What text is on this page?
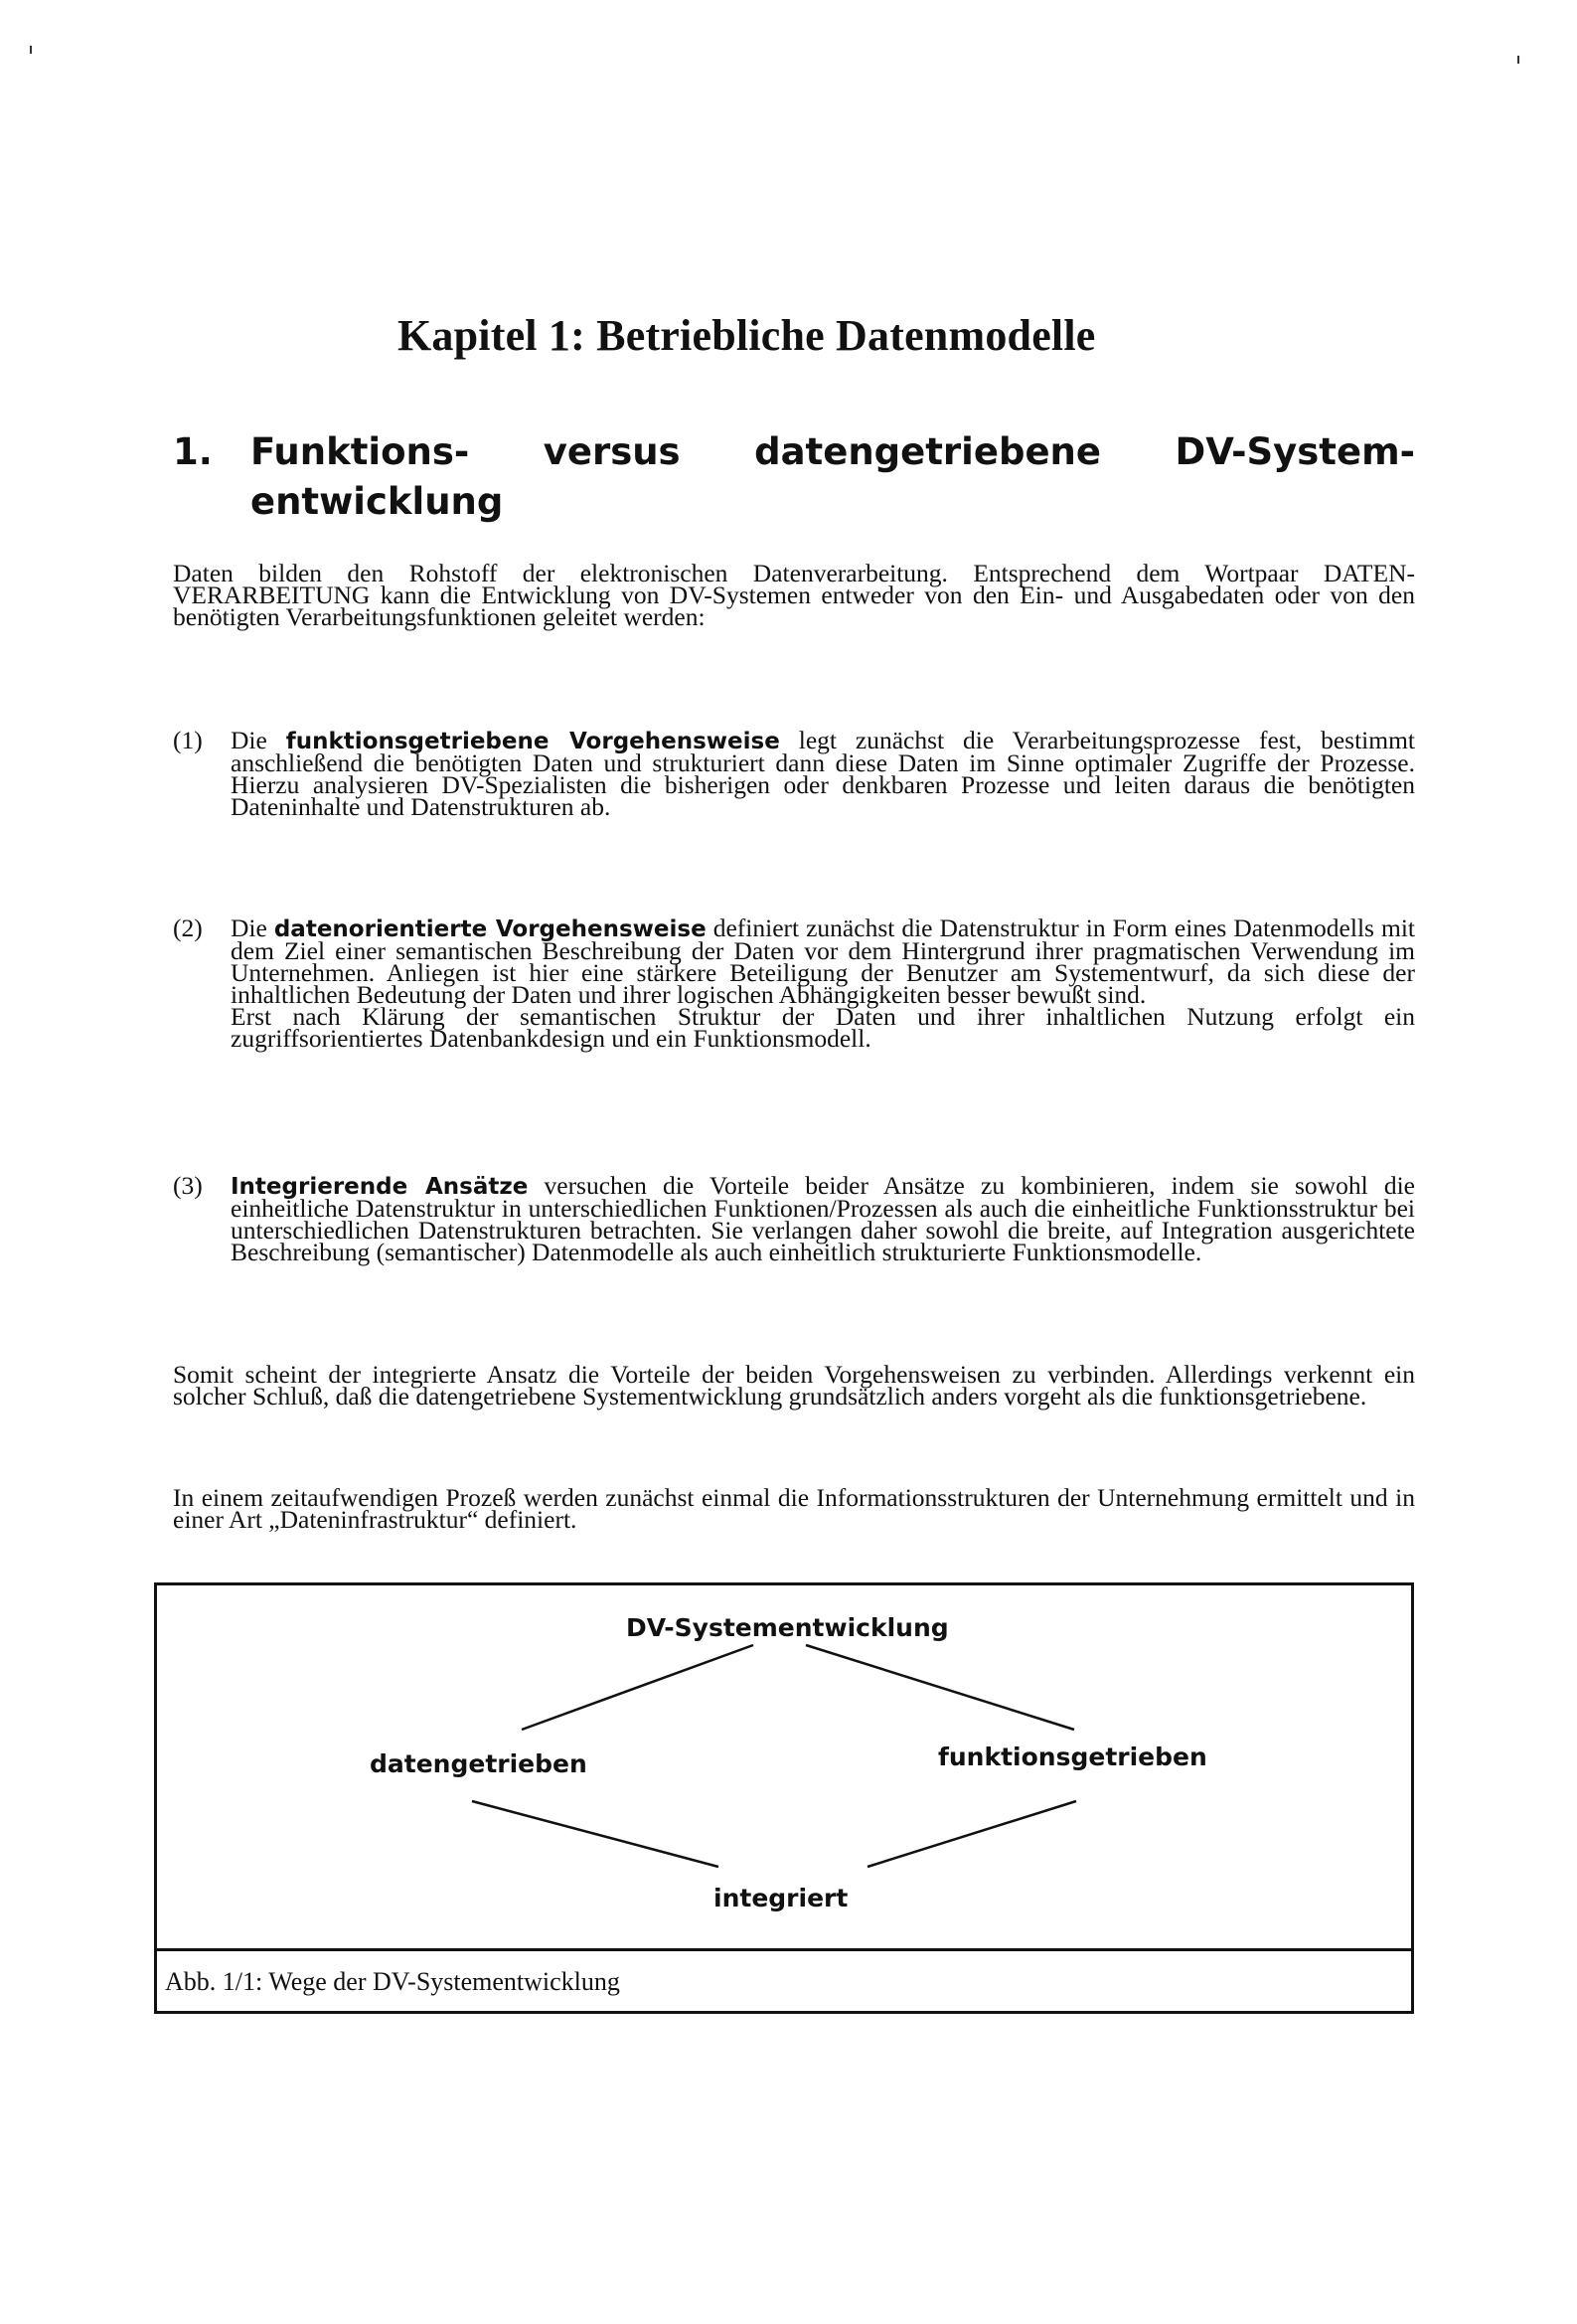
Kapitel 1: Betriebliche Datenmodelle
1. Funktions- versus datengetriebene DV-System-
entwicklung

Daten bilden den Rohstoff der elektronischen Datenverarbeitung. Entsprechend dem Wortpaar DATEN-VERARBEITUNG kann die Entwicklung von DV-Systemen entweder von den Ein- und Ausgabedaten oder von den benötigten Verarbeitungsfunktionen geleitet werden:

(1) Die funktionsgetriebene Vorgehensweise legt zunächst die Verarbeitungsprozesse fest, bestimmt anschließend die benötigten Daten und strukturiert dann diese Daten im Sinne optimaler Zugriffe der Prozesse. Hierzu analysieren DV-Spezialisten die bisherigen oder denkbaren Prozesse und leiten daraus die benötigten Dateninhalte und Datenstrukturen ab.
(2) Die datenorientierte Vorgehensweise definiert zunächst die Datenstruktur in Form eines Datenmodells mit dem Ziel einer semantischen Beschreibung der Daten vor dem Hintergrund ihrer pragmatischen Verwendung im Unternehmen. Anliegen ist hier eine stärkere Beteiligung der Benutzer am Systementwurf, da sich diese der inhaltlichen Bedeutung der Daten und ihrer logischen Abhängigkeiten besser bewußt sind.
Erst nach Klärung der semantischen Struktur der Daten und ihrer inhaltlichen Nutzung erfolgt ein zugriffsorientiertes Datenbankdesign und ein Funktionsmodell.
(3) Integrierende Ansätze versuchen die Vorteile beider Ansätze zu kombinieren, indem sie sowohl die einheitliche Datenstruktur in unterschiedlichen Funktionen/Prozessen als auch die einheitliche Funktionsstruktur bei unterschiedlichen Datenstrukturen betrachten. Sie verlangen daher sowohl die breite, auf Integration ausgerichtete Beschreibung (semantischer) Datenmodelle als auch einheitlich strukturierte Funktionsmodelle.

Somit scheint der integrierte Ansatz die Vorteile der beiden Vorgehensweisen zu verbinden. Allerdings verkennt ein solcher Schluß, daß die datengetriebene Systementwicklung grundsätzlich anders vorgeht als die funktionsgetriebene.

In einem zeitaufwendigen Prozeß werden zunächst einmal die Informationsstrukturen der Unternehmung ermittelt und in einer Art „Dateninfrastruktur“ definiert.

DV-Systementwicklung
datengetrieben	funktionsgetrieben
integriert
Abb. 1/1: Wege der DV-Systementwicklung
